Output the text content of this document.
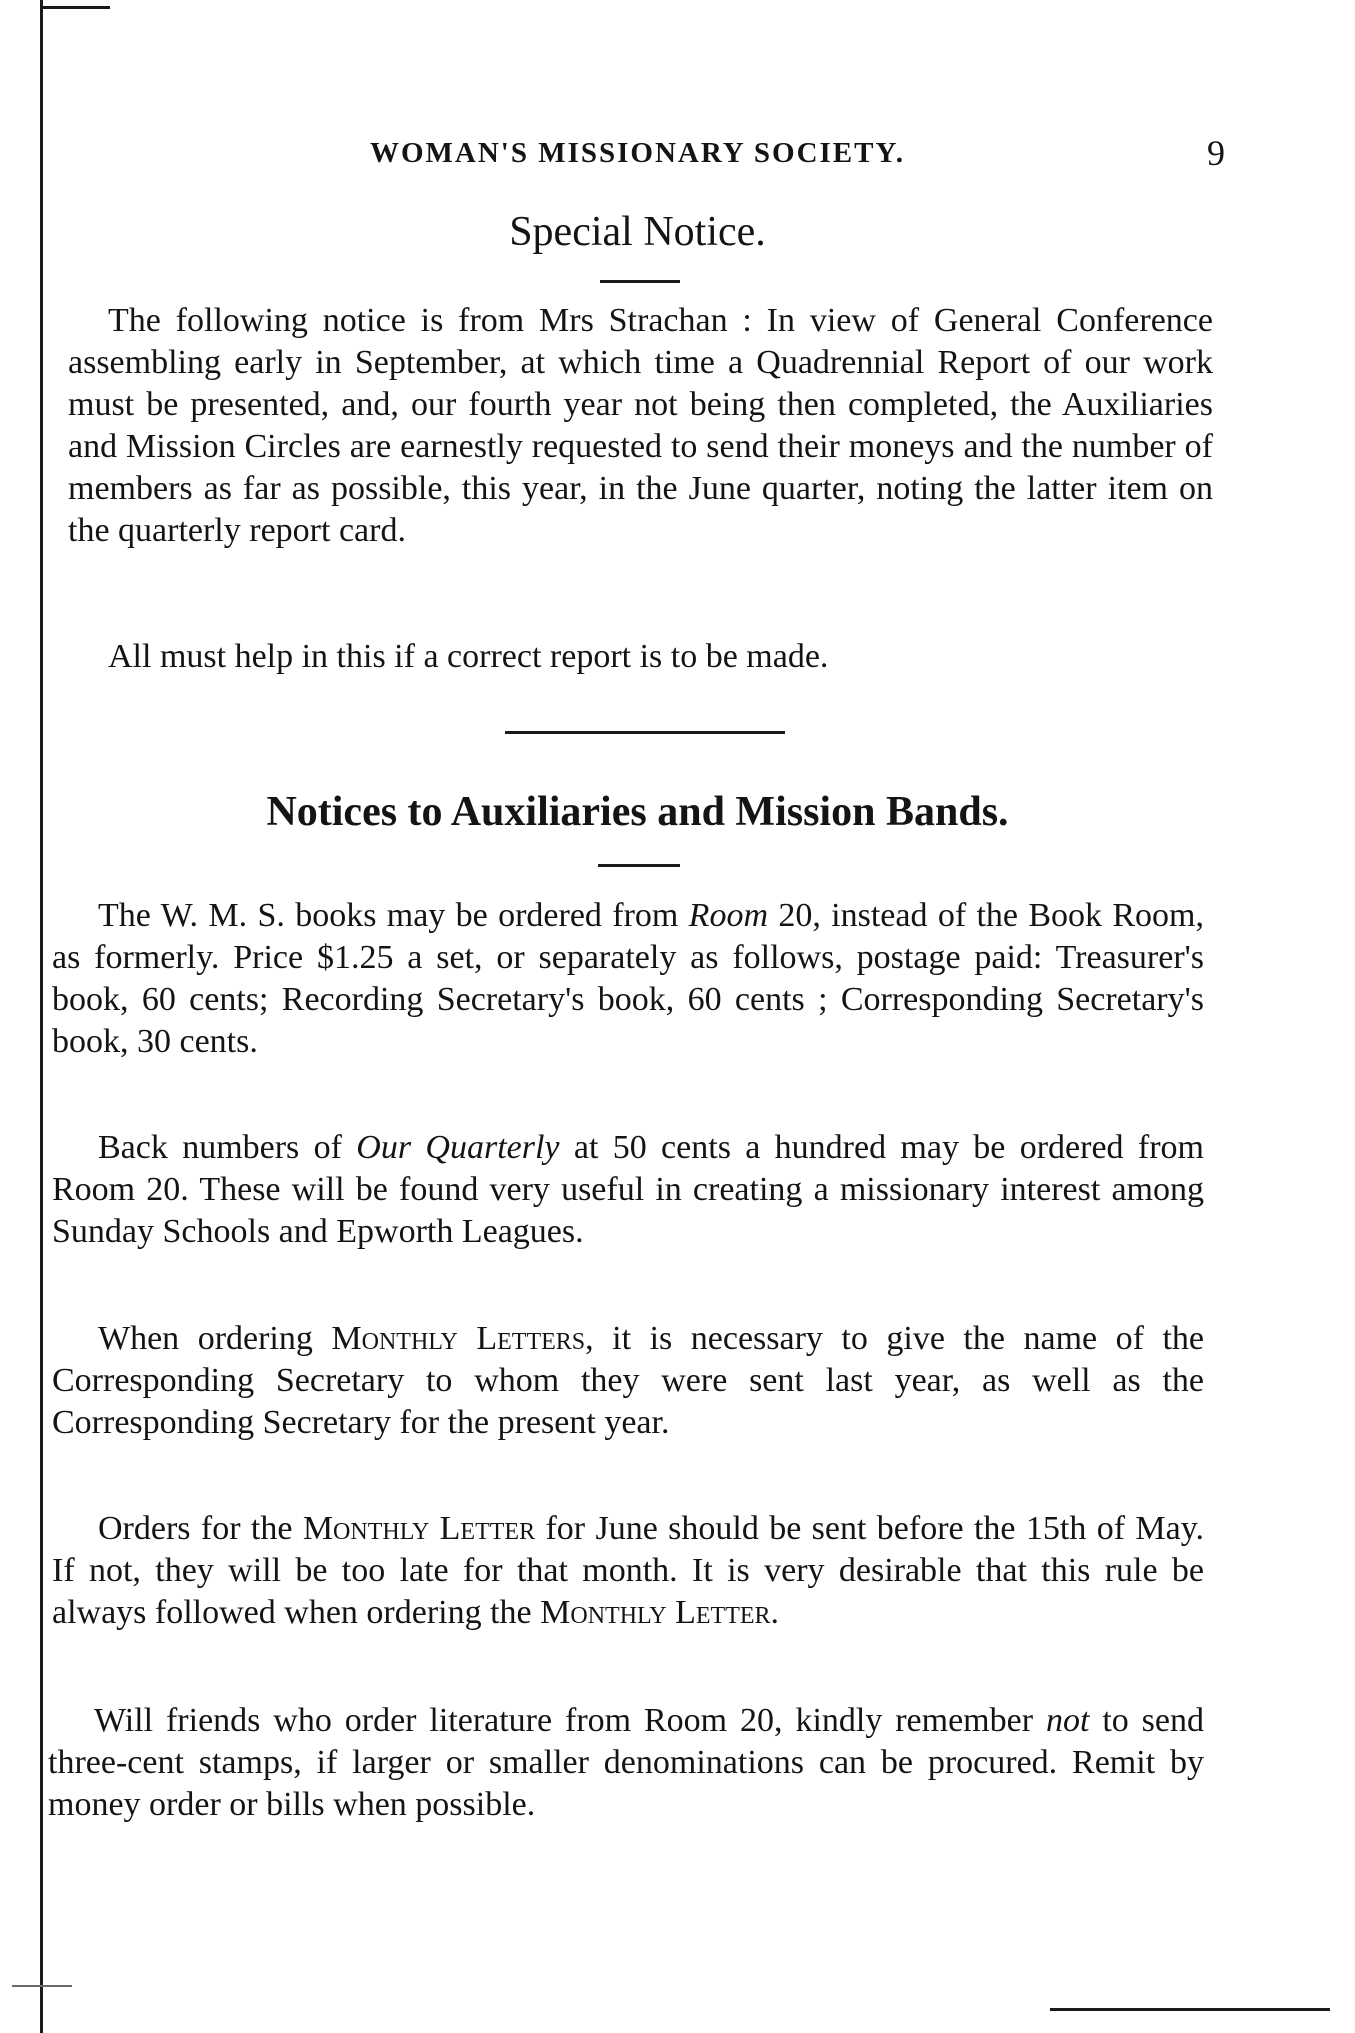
WOMAN'S MISSIONARY SOCIETY.	9
Special Notice.

The following notice is from Mrs Strachan : In view of General Conference assembling early in September, at which time a Quadrennial Report of our work must be presented, and, our fourth year not being then completed, the Auxiliaries and Mission Circles are earnestly requested to send their moneys and the number of members as far as possible, this year, in the June quarter, noting the latter item on the quarterly report card.

All must help in this if a correct report is to be made.

Notices to Auxiliaries and Mission Bands.

The W. M. S. books may be ordered from Room 20, instead of the Book Room, as formerly. Price $1.25 a set, or separately as follows, postage paid: Treasurer's book, 60 cents; Recording Secretary's book, 60 cents ; Corresponding Secretary's book, 30 cents.

Back numbers of Our Quarterly at 50 cents a hundred may be ordered from Room 20. These will be found very useful in creating a missionary interest among Sunday Schools and Epworth Leagues.

When ordering Monthly Letters, it is necessary to give the name of the Corresponding Secretary to whom they were sent last year, as well as the Corresponding Secretary for the present year.

Orders for the Monthly Letter for June should be sent before the 15th of May. If not, they will be too late for that month. It is very desirable that this rule be always followed when ordering the Monthly Letter.

Will friends who order literature from Room 20, kindly remember not to send three-cent stamps, if larger or smaller denominations can be procured. Remit by money order or bills when possible.
